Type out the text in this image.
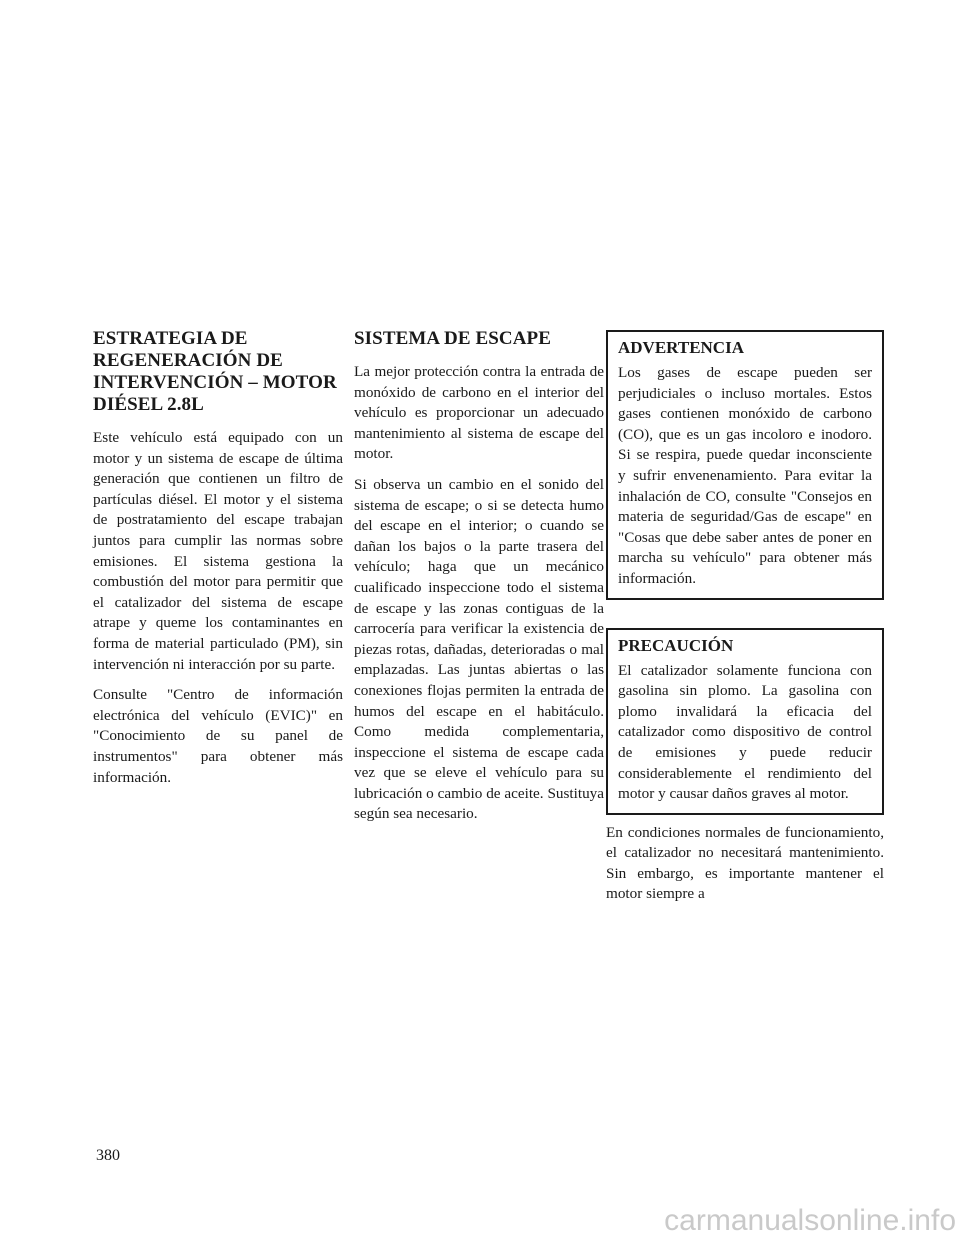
ESTRATEGIA DE
REGENERACIÓN DE
INTERVENCIÓN – MOTOR
DIÉSEL 2.8L

Este vehículo está equipado con un motor y un sistema de escape de última generación que contienen un filtro de partículas diésel. El motor y el sistema de postratamiento del escape trabajan juntos para cumplir las normas sobre emisiones. El sistema gestiona la combustión del motor para permitir que el catalizador del sistema de escape atrape y queme los contaminantes en forma de material particulado (PM), sin intervención ni interacción por su parte.

Consulte "Centro de información electrónica del vehículo (EVIC)" en "Conocimiento de su panel de instrumentos" para obtener más información.

SISTEMA DE ESCAPE

La mejor protección contra la entrada de monóxido de carbono en el interior del vehículo es proporcionar un adecuado mantenimiento al sistema de escape del motor.

Si observa un cambio en el sonido del sistema de escape; o si se detecta humo del escape en el interior; o cuando se dañan los bajos o la parte trasera del vehículo; haga que un mecánico cualificado inspeccione todo el sistema de escape y las zonas contiguas de la carrocería para verificar la existencia de piezas rotas, dañadas, deterioradas o mal emplazadas. Las juntas abiertas o las conexiones flojas permiten la entrada de humos del escape en el habitáculo. Como medida complementaria, inspeccione el sistema de escape cada vez que se eleve el vehículo para su lubricación o cambio de aceite. Sustituya según sea necesario.

ADVERTENCIA

Los gases de escape pueden ser perjudiciales o incluso mortales. Estos gases contienen monóxido de carbono (CO), que es un gas incoloro e inodoro. Si se respira, puede quedar inconsciente y sufrir envenenamiento. Para evitar la inhalación de CO, consulte "Consejos en materia de seguridad/Gas de escape" en "Cosas que debe saber antes de poner en marcha su vehículo" para obtener más información.

PRECAUCIÓN

El catalizador solamente funciona con gasolina sin plomo. La gasolina con plomo invalidará la eficacia del catalizador como dispositivo de control de emisiones y puede reducir considerablemente el rendimiento del motor y causar daños graves al motor.

En condiciones normales de funcionamiento, el catalizador no necesitará mantenimiento. Sin embargo, es importante mantener el motor siempre a

380
carmanualsonline.info
